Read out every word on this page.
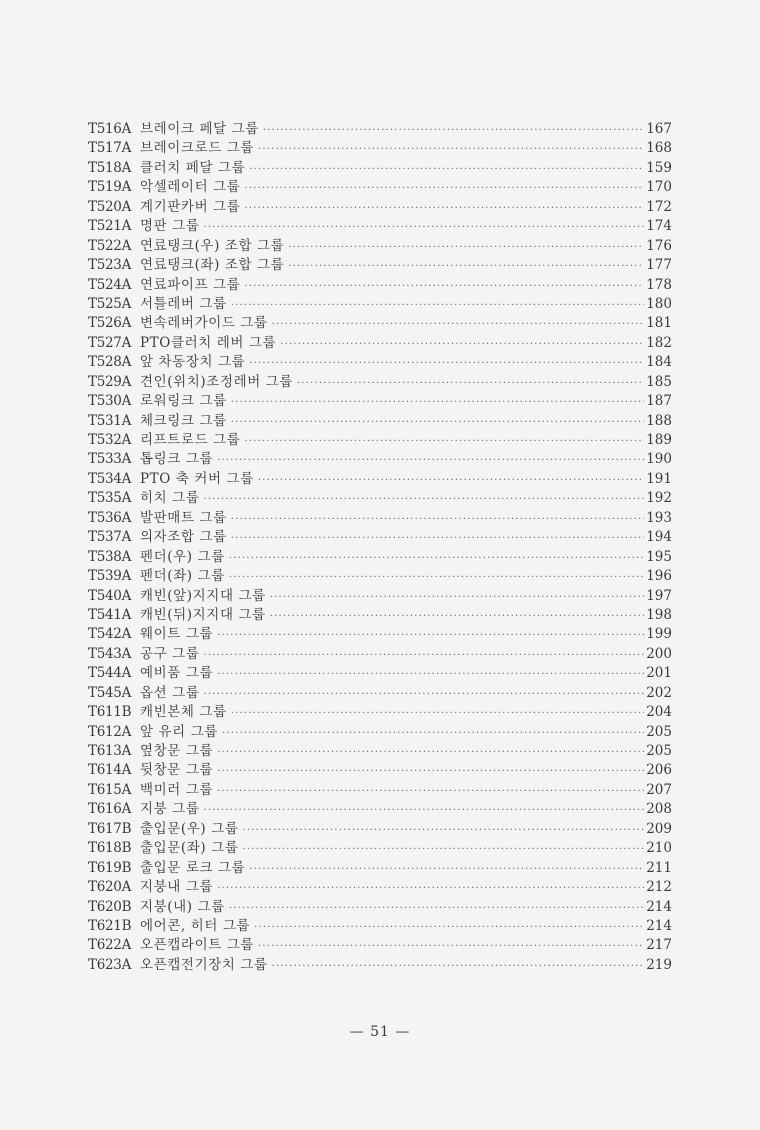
T516A 브레이크 페달 그룹 ·····	167
T517A 브레이크로드 그룹 ·····	168
T518A 클러치 페달 그룹 ·····	159
T519A 악셀레이터 그룹 ·····	170
T520A 계기판카버 그룹 ·····	172
T521A 명판 그룹 ·····	174
T522A 연료탱크(우) 조합 그룹 ·····	176
T523A 연료탱크(좌) 조합 그룹 ·····	177
T524A 연료파이프 그룹 ·····	178
T525A 서틀레버 그룹 ·····	180
T526A 변속레버가이드 그룹 ·····	181
T527A PTO클러치 레버 그룹 ·····	182
T528A 앞 차동장치 그룹 ·····	184
T529A 견인(위치)조정레버 그룹 ·····	185
T530A 로워링크 그룹 ·····	187
T531A 체크링크 그룹 ·····	188
T532A 리프트로드 그룹 ·····	189
T533A 톱링크 그룹 ·····	190
T534A PTO 축 커버 그룹 ·····	191
T535A 히치 그룹 ·····	192
T536A 발판매트 그룹 ·····	193
T537A 의자조합 그룹 ·····	194
T538A 펜더(우) 그룹 ·····	195
T539A 펜더(좌) 그룹 ·····	196
T540A 캐빈(앞)지지대 그룹 ·····	197
T541A 캐빈(뒤)지지대 그룹 ·····	198
T542A 웨이트 그룹 ·····	199
T543A 공구 그룹 ·····	200
T544A 예비품 그룹 ·····	201
T545A 옵션 그룹 ·····	202
T611B 캐빈본체 그룹 ·····	204
T612A 앞 유리 그룹 ·····	205
T613A 옆창문 그룹 ·····	205
T614A 뒷창문 그룹 ·····	206
T615A 백미러 그룹 ·····	207
T616A 지붕 그룹 ·····	208
T617B 출입문(우) 그룹 ·····	209
T618B 출입문(좌) 그룹 ·····	210
T619B 출입문 로크 그룹 ·····	211
T620A 지붕내 그룹 ·····	212
T620B 지붕(내) 그룹 ·····	214
T621B 에어콘, 히터 그룹 ·····	214
T622A 오픈캡라이트 그룹 ·····	217
T623A 오픈캡전기장치 그룹 ·····	219
— 51 —
